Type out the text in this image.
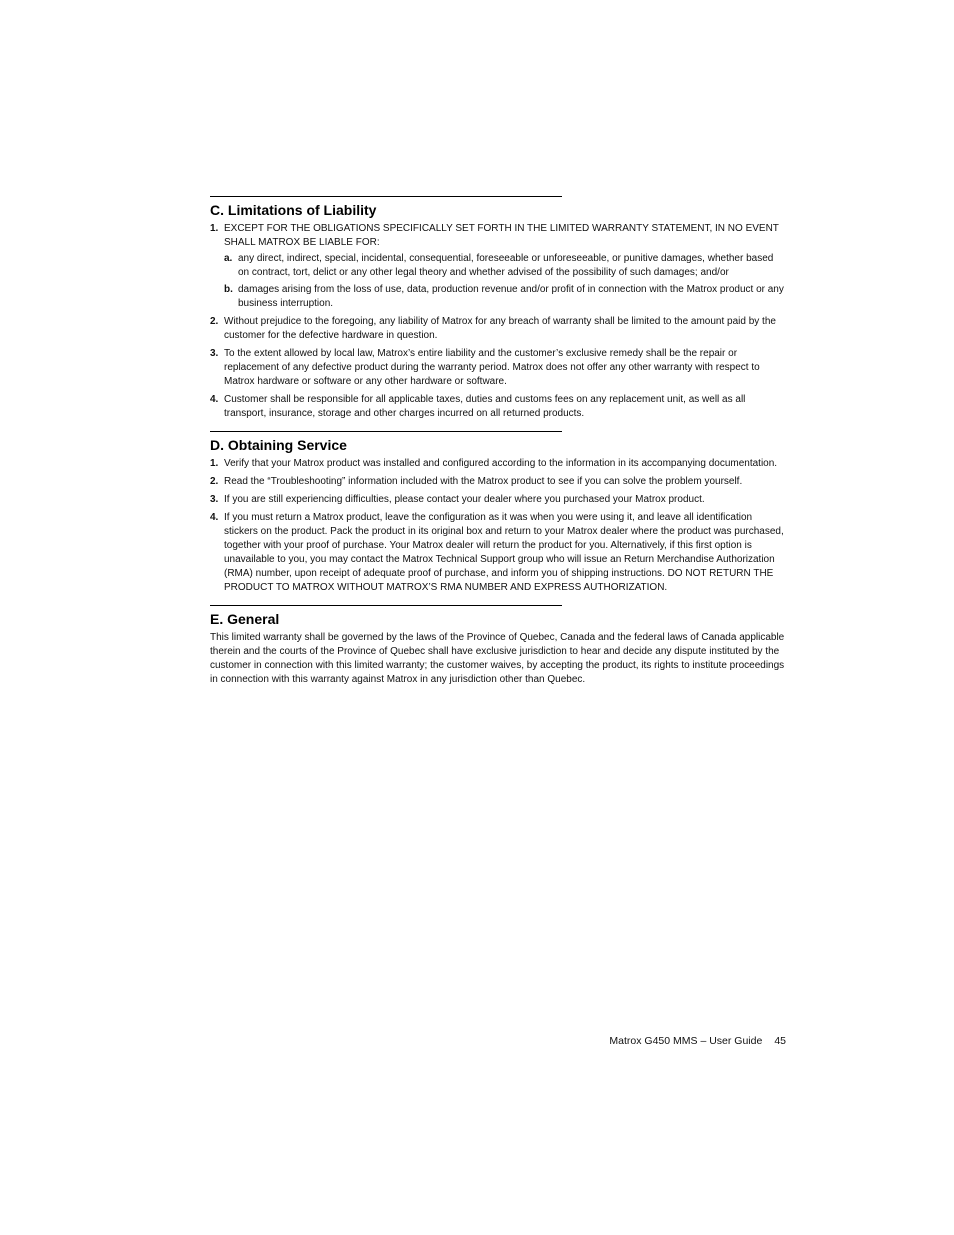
C. Limitations of Liability
1. EXCEPT FOR THE OBLIGATIONS SPECIFICALLY SET FORTH IN THE LIMITED WARRANTY STATEMENT, IN NO EVENT SHALL MATROX BE LIABLE FOR:
a. any direct, indirect, special, incidental, consequential, foreseeable or unforeseeable, or punitive damages, whether based on contract, tort, delict or any other legal theory and whether advised of the possibility of such damages; and/or
b. damages arising from the loss of use, data, production revenue and/or profit of in connection with the Matrox product or any business interruption.
2. Without prejudice to the foregoing, any liability of Matrox for any breach of warranty shall be limited to the amount paid by the customer for the defective hardware in question.
3. To the extent allowed by local law, Matrox’s entire liability and the customer’s exclusive remedy shall be the repair or replacement of any defective product during the warranty period. Matrox does not offer any other warranty with respect to Matrox hardware or software or any other hardware or software.
4. Customer shall be responsible for all applicable taxes, duties and customs fees on any replacement unit, as well as all transport, insurance, storage and other charges incurred on all returned products.
D. Obtaining Service
1. Verify that your Matrox product was installed and configured according to the information in its accompanying documentation.
2. Read the “Troubleshooting” information included with the Matrox product to see if you can solve the problem yourself.
3. If you are still experiencing difficulties, please contact your dealer where you purchased your Matrox product.
4. If you must return a Matrox product, leave the configuration as it was when you were using it, and leave all identification stickers on the product. Pack the product in its original box and return to your Matrox dealer where the product was purchased, together with your proof of purchase. Your Matrox dealer will return the product for you. Alternatively, if this first option is unavailable to you, you may contact the Matrox Technical Support group who will issue an Return Merchandise Authorization (RMA) number, upon receipt of adequate proof of purchase, and inform you of shipping instructions. DO NOT RETURN THE PRODUCT TO MATROX WITHOUT MATROX’S RMA NUMBER AND EXPRESS AUTHORIZATION.
E. General

This limited warranty shall be governed by the laws of the Province of Quebec, Canada and the federal laws of Canada applicable therein and the courts of the Province of Quebec shall have exclusive jurisdiction to hear and decide any dispute instituted by the customer in connection with this limited warranty; the customer waives, by accepting the product, its rights to institute proceedings in connection with this warranty against Matrox in any jurisdiction other than Quebec.

Matrox G450 MMS – User Guide 45
